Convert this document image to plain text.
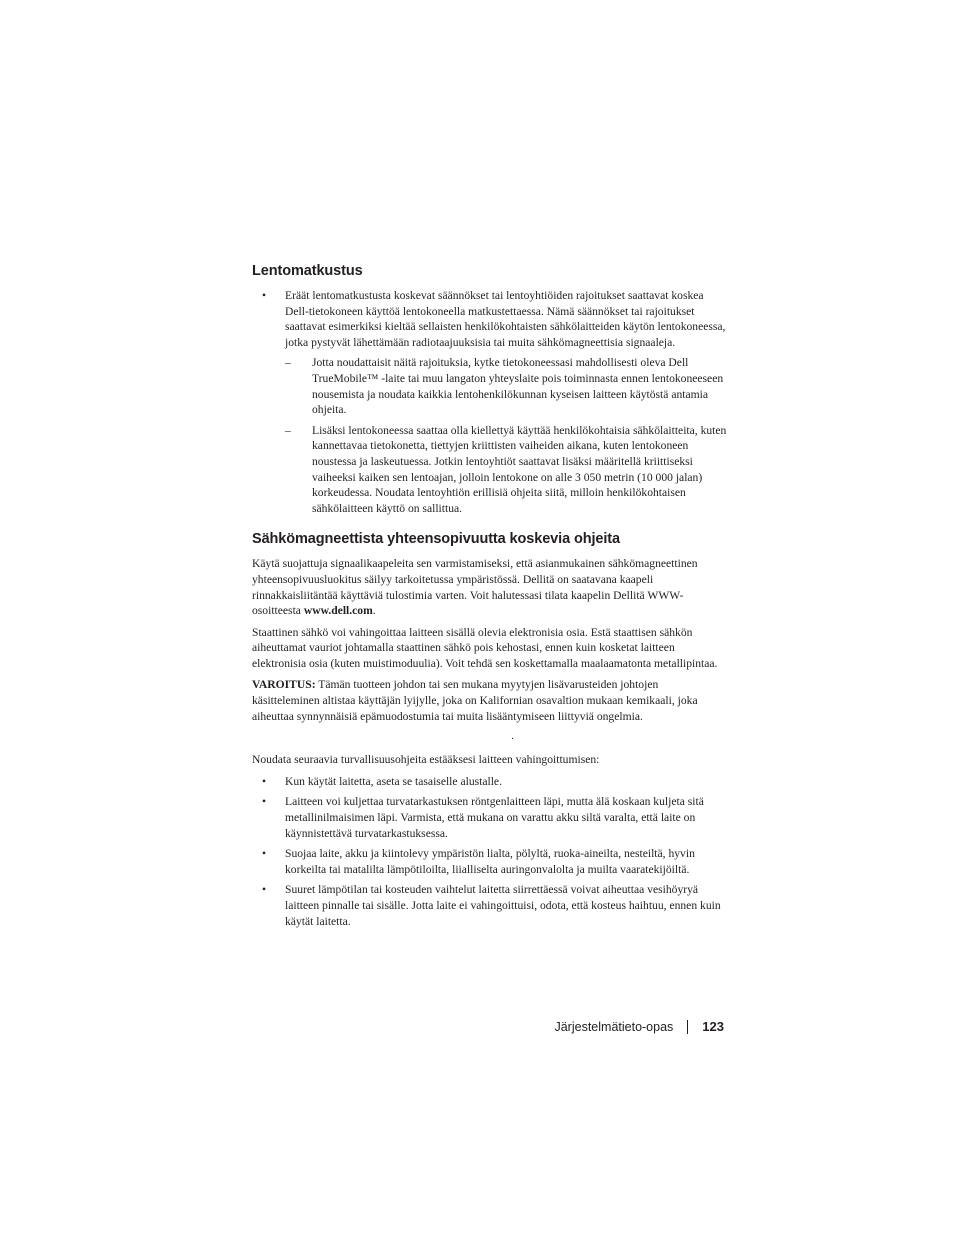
Lentomatkustus
• Eräät lentomatkustusta koskevat säännökset tai lentoyhtiöiden rajoitukset saattavat koskea Dell-tietokoneen käyttöä lentokoneella matkustettaessa. Nämä säännökset tai rajoitukset saattavat esimerkiksi kieltää sellaisten henkilökohtaisten sähkölaitteiden käytön lentokoneessa, jotka pystyvät lähettämään radiotaajuuksisia tai muita sähkömagneettisia signaaleja.
– Jotta noudattaisit näitä rajoituksia, kytke tietokoneessasi mahdollisesti oleva Dell TrueMobile™ -laite tai muu langaton yhteyslaite pois toiminnasta ennen lentokoneeseen nousemista ja noudata kaikkia lentohenkilökunnan kyseisen laitteen käytöstä antamia ohjeita.
– Lisäksi lentokoneessa saattaa olla kiellettyä käyttää henkilökohtaisia sähkölaitteita, kuten kannettavaa tietokonetta, tiettyjen kriittisten vaiheiden aikana, kuten lentokoneen noustessa ja laskeutuessa. Jotkin lentoyhtiöt saattavat lisäksi määritellä kriittiseksi vaiheeksi kaiken sen lentoajan, jolloin lentokone on alle 3 050 metrin (10 000 jalan) korkeudessa. Noudata lentoyhtiön erillisiä ohjeita siitä, milloin henkilökohtaisen sähkölaitteen käyttö on sallittua.
Sähkömagneettista yhteensopivuutta koskevia ohjeita

Käytä suojattuja signaalikaapeleita sen varmistamiseksi, että asianmukainen sähkömagneettinen yhteensopivuusluokitus säilyy tarkoitetussa ympäristössä. Dellitä on saatavana kaapeli rinnakkaisliitäntää käyttäviä tulostimia varten. Voit halutessasi tilata kaapelin Dellitä WWW-osoitteesta www.dell.com.

Staattinen sähkö voi vahingoittaa laitteen sisällä olevia elektronisia osia. Estä staattisen sähkön aiheuttamat vauriot johtamalla staattinen sähkö pois kehostasi, ennen kuin kosketat laitteen elektronisia osia (kuten muistimoduulia). Voit tehdä sen koskettamalla maalaamatonta metallipintaa.

VAROITUS: Tämän tuotteen johdon tai sen mukana myytyjen lisävarusteiden johtojen käsitteleminen altistaa käyttäjän lyijylle, joka on Kalifornian osavaltion mukaan kemikaali, joka aiheuttaa synnynnäisiä epämuodostumia tai muita lisääntymiseen liittyviä ongelmia.

.

Noudata seuraavia turvallisuusohjeita estääksesi laitteen vahingoittumisen:

• Kun käytät laitetta, aseta se tasaiselle alustalle.
• Laitteen voi kuljettaa turvatarkastuksen röntgenlaitteen läpi, mutta älä koskaan kuljeta sitä metallinilmaisimen läpi. Varmista, että mukana on varattu akku siltä varalta, että laite on käynnistettävä turvatarkastuksessa.
• Suojaa laite, akku ja kiintolevy ympäristön lialta, pölyltä, ruoka-aineilta, nesteiltä, hyvin korkeilta tai matalilta lämpötiloilta, liialliselta auringonvalolta ja muilta vaaratekijöiltä.
• Suuret lämpötilan tai kosteuden vaihtelut laitetta siirrettäessä voivat aiheuttaa vesihöyryä laitteen pinnalle tai sisälle. Jotta laite ei vahingoittuisi, odota, että kosteus haihtuu, ennen kuin käytät laitetta.
Järjestelmätieto-opas 123
